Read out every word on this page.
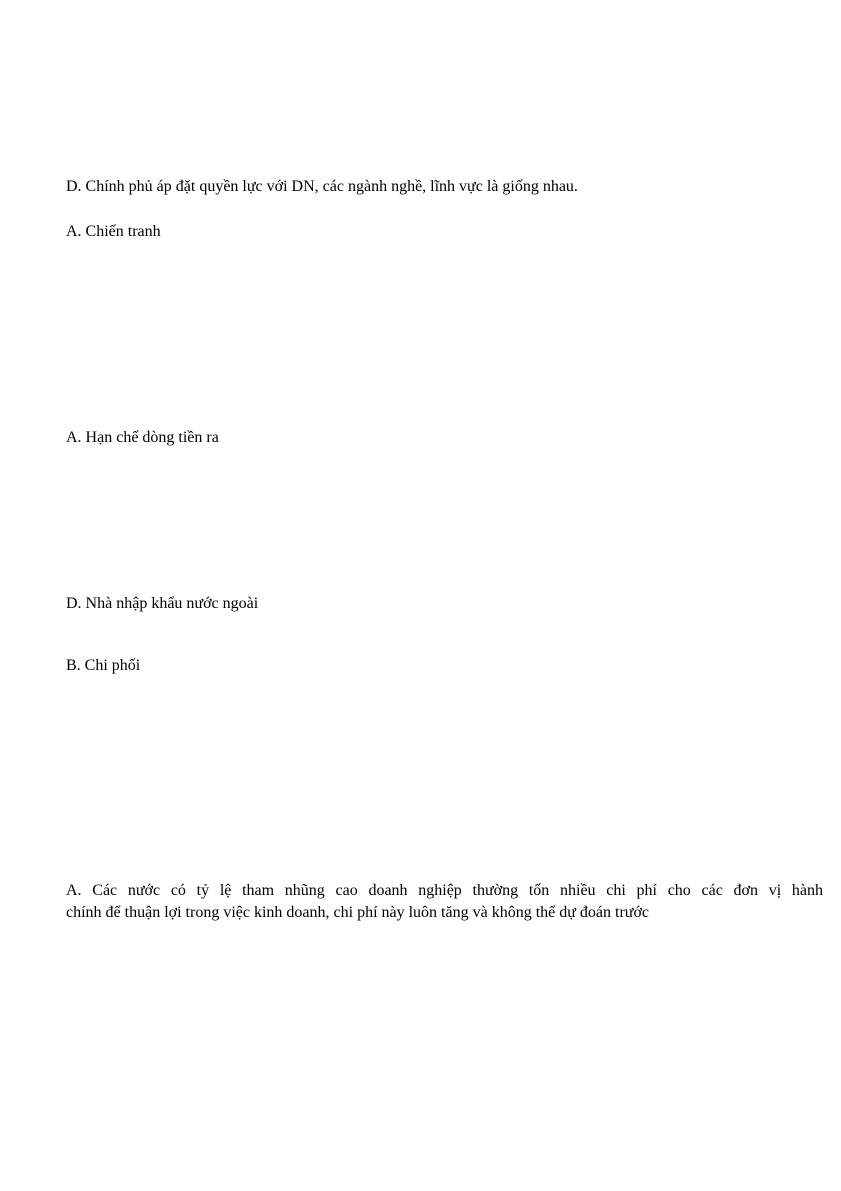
D. Chính phủ áp đặt quyền lực với DN, các ngành nghề, lĩnh vực là giống nhau.

A. Chiến tranh

A. Hạn chế dòng tiền ra

D. Nhà nhập khẩu nước ngoài

B. Chi phối

A. Các nước có tỷ lệ tham nhũng cao doanh nghiệp thường tốn nhiều chi phí cho các đơn vị hành
chính để thuận lợi trong việc kinh doanh, chi phí này luôn tăng và không thể dự đoán trước
